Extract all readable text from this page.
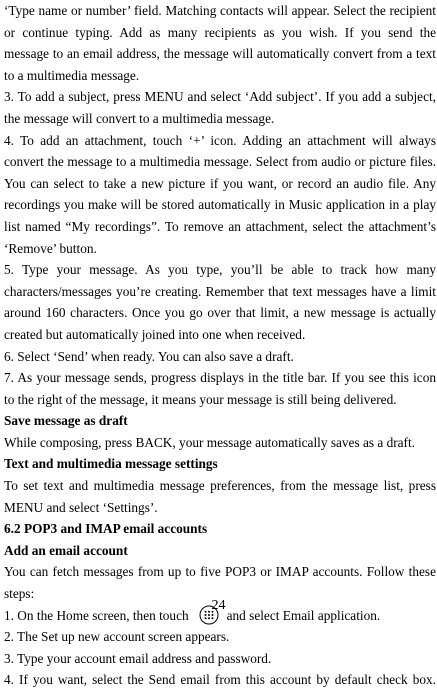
‘Type name or number’ field. Matching contacts will appear. Select the recipient
or continue typing. Add as many recipients as you wish. If you send the
message to an email address, the message will automatically convert from a text
to a multimedia message.
3. To add a subject, press MENU and select ‘Add subject’. If you add a subject,
the message will convert to a multimedia message.
4. To add an attachment, touch ‘+’ icon. Adding an attachment will always
convert the message to a multimedia message. Select from audio or picture files.
You can select to take a new picture if you want, or record an audio file. Any
recordings you make will be stored automatically in Music application in a play
list named “My recordings”. To remove an attachment, select the attachment’s
‘Remove’ button.
5. Type your message. As you type, you’ll be able to track how many
characters/messages you’re creating. Remember that text messages have a limit
around 160 characters. Once you go over that limit, a new message is actually
created but automatically joined into one when received.
6. Select ‘Send’ when ready. You can also save a draft.
7. As your message sends, progress displays in the title bar. If you see this icon
to the right of the message, it means your message is still being delivered.
Save message as draft
While composing, press BACK, your message automatically saves as a draft.
Text and multimedia message settings
To set text and multimedia message preferences, from the message list, press
MENU and select ‘Settings’.
6.2 POP3 and IMAP email accounts
Add an email account
You can fetch messages from up to five POP3 or IMAP accounts. Follow these
steps:
1. On the Home screen, then touch	and select Email application.
2. The Set up new account screen appears.
3. Type your account email address and password.
4. If you want, select the Send email from this account by default check box.
24
